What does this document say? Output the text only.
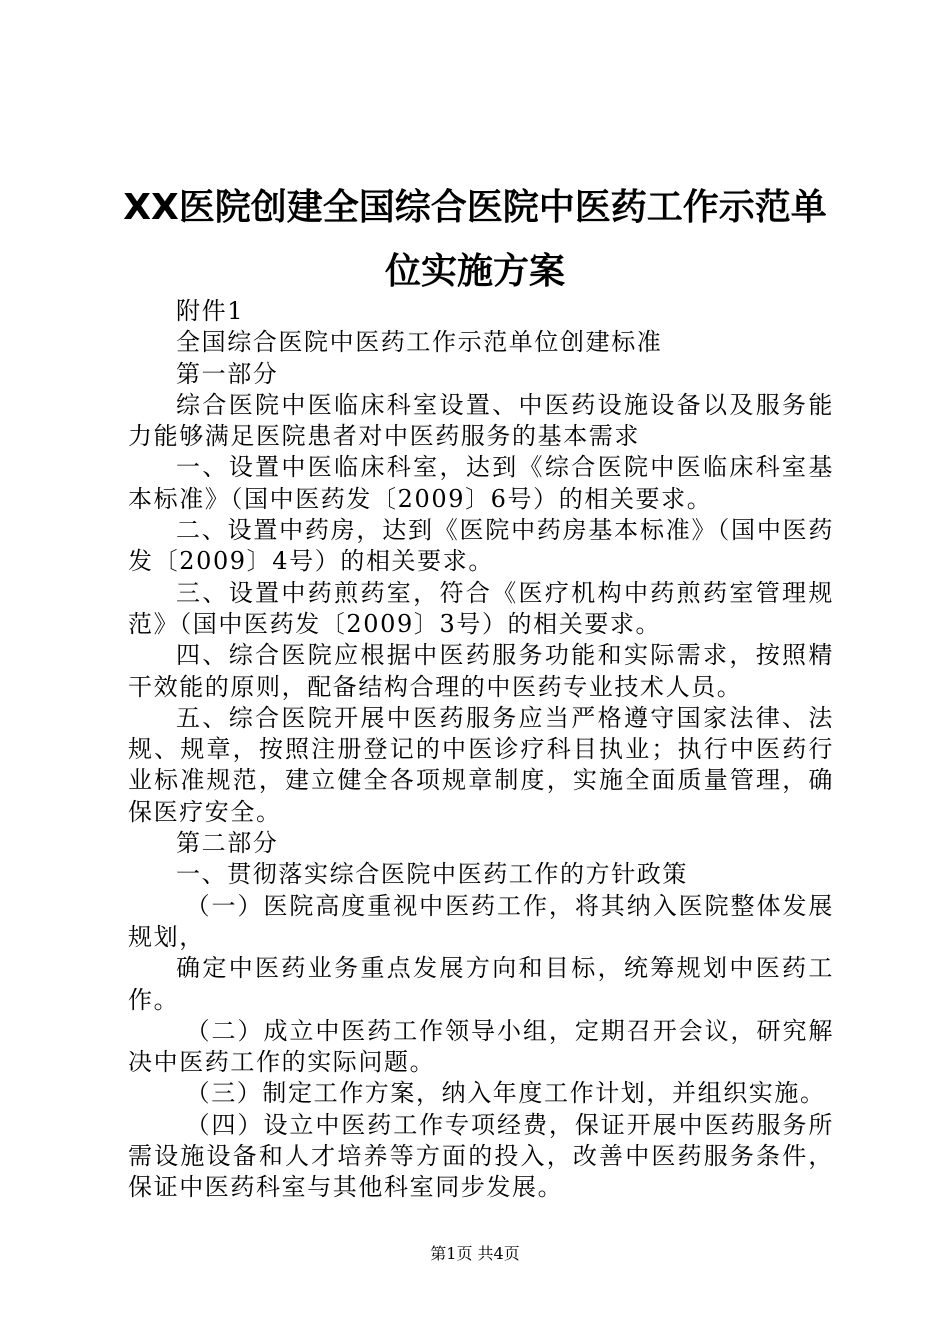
XX医院创建全国综合医院中医药工作示范单位实施方案

附件1

全国综合医院中医药工作示范单位创建标准

第一部分

综合医院中医临床科室设置、中医药设施设备以及服务能力能够满足医院患者对中医药服务的基本需求

一、设置中医临床科室，达到《综合医院中医临床科室基本标准》（国中医药发〔2009〕6号）的相关要求。

二、设置中药房，达到《医院中药房基本标准》（国中医药发〔2009〕4号）的相关要求。

三、设置中药煎药室，符合《医疗机构中药煎药室管理规范》（国中医药发〔2009〕3号）的相关要求。

四、综合医院应根据中医药服务功能和实际需求，按照精干效能的原则，配备结构合理的中医药专业技术人员。

五、综合医院开展中医药服务应当严格遵守国家法律、法规、规章，按照注册登记的中医诊疗科目执业；执行中医药行业标准规范，建立健全各项规章制度，实施全面质量管理，确保医疗安全。

第二部分

一、贯彻落实综合医院中医药工作的方针政策

（一）医院高度重视中医药工作，将其纳入医院整体发展规划，

确定中医药业务重点发展方向和目标，统筹规划中医药工作。

（二）成立中医药工作领导小组，定期召开会议，研究解决中医药工作的实际问题。

（三）制定工作方案，纳入年度工作计划，并组织实施。

（四）设立中医药工作专项经费，保证开展中医药服务所需设施设备和人才培养等方面的投入，改善中医药服务条件，保证中医药科室与其他科室同步发展。

第1页 共4页
